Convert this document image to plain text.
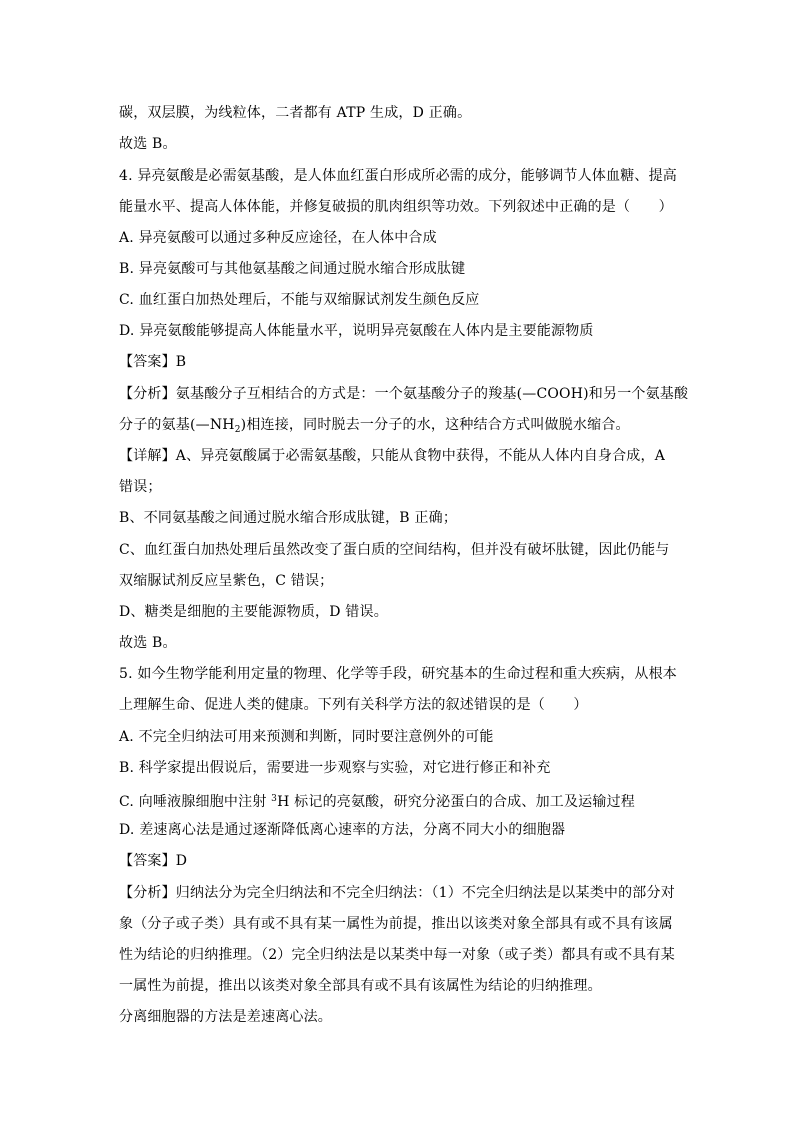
碳，双层膜，为线粒体，二者都有 ATP 生成，D 正确。
故选 B。
4. 异亮氨酸是必需氨基酸，是人体血红蛋白形成所必需的成分，能够调节人体血糖、提高
能量水平、提高人体体能，并修复破损的肌肉组织等功效。下列叙述中正确的是（　　）
A. 异亮氨酸可以通过多种反应途径，在人体中合成
B. 异亮氨酸可与其他氨基酸之间通过脱水缩合形成肽键
C. 血红蛋白加热处理后，不能与双缩脲试剂发生颜色反应
D. 异亮氨酸能够提高人体能量水平，说明异亮氨酸在人体内是主要能源物质
【答案】B
【分析】氨基酸分子互相结合的方式是：一个氨基酸分子的羧基(—COOH)和另一个氨基酸
分子的氨基$(—NH_2)$相连接，同时脱去一分子的水，这种结合方式叫做脱水缩合。
【详解】A、异亮氨酸属于必需氨基酸，只能从食物中获得，不能从人体内自身合成，A
错误；
B、不同氨基酸之间通过脱水缩合形成肽键，B 正确；
C、血红蛋白加热处理后虽然改变了蛋白质的空间结构，但并没有破坏肽键，因此仍能与
双缩脲试剂反应呈紫色，C 错误；
D、糖类是细胞的主要能源物质，D 错误。
故选 B。
5. 如今生物学能利用定量的物理、化学等手段，研究基本的生命过程和重大疾病，从根本
上理解生命、促进人类的健康。下列有关科学方法的叙述错误的是（　　）
A. 不完全归纳法可用来预测和判断，同时要注意例外的可能
B. 科学家提出假说后，需要进一步观察与实验，对它进行修正和补充
C. 向唾液腺细胞中注射 $^3$H 标记的亮氨酸，研究分泌蛋白的合成、加工及运输过程
D. 差速离心法是通过逐渐降低离心速率的方法，分离不同大小的细胞器
【答案】D
【分析】归纳法分为完全归纳法和不完全归纳法：（1）不完全归纳法是以某类中的部分对
象（分子或子类）具有或不具有某一属性为前提，推出以该类对象全部具有或不具有该属
性为结论的归纳推理。（2）完全归纳法是以某类中每一对象（或子类）都具有或不具有某
一属性为前提，推出以该类对象全部具有或不具有该属性为结论的归纳推理。
分离细胞器的方法是差速离心法。
